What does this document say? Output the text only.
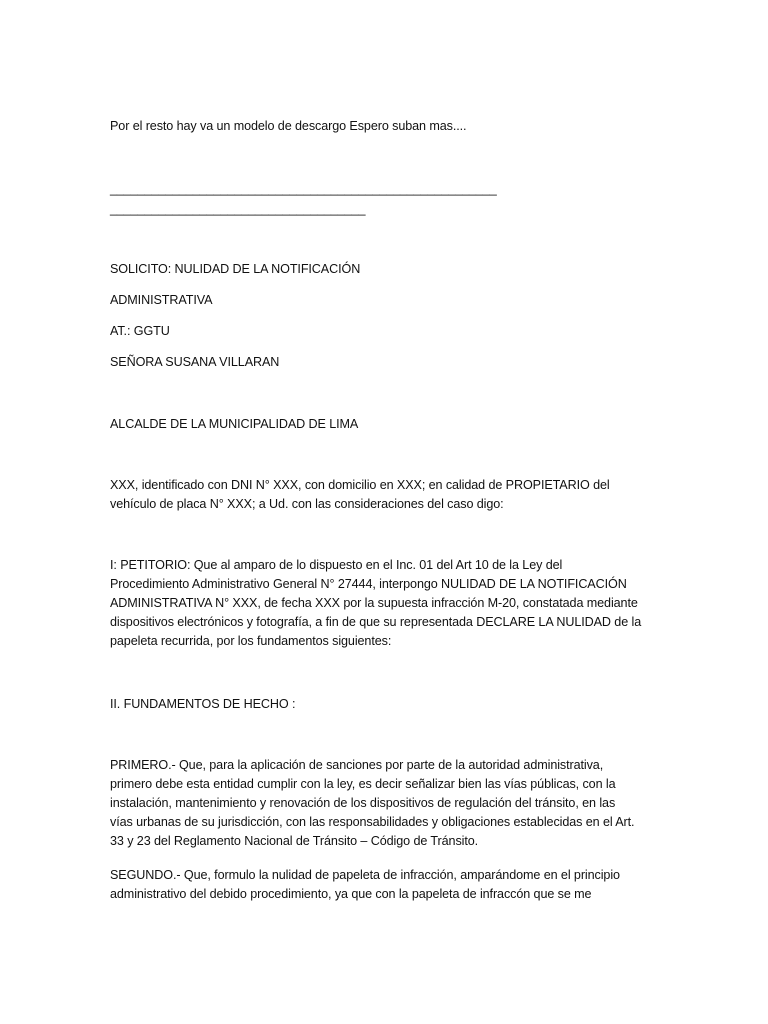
Por el resto hay va un modelo de descargo Espero suban mas....
________________________________________________________
_____________________________________
SOLICITO: NULIDAD DE LA NOTIFICACIÓN
ADMINISTRATIVA
AT.: GGTU
SEÑORA SUSANA VILLARAN
ALCALDE DE LA MUNICIPALIDAD DE LIMA
XXX, identificado con DNI N° XXX, con domicilio en XXX; en calidad de PROPIETARIO del
vehículo de placa N° XXX; a Ud. con las consideraciones del caso digo:
I: PETITORIO: Que al amparo de lo dispuesto en el Inc. 01 del Art 10 de la Ley del
Procedimiento Administrativo General N° 27444, interpongo NULIDAD DE LA NOTIFICACIÓN
ADMINISTRATIVA N° XXX, de fecha XXX por la supuesta infracción M-20, constatada mediante
dispositivos electrónicos y fotografía, a fin de que su representada DECLARE LA NULIDAD de la
papeleta recurrida, por los fundamentos siguientes:
II. FUNDAMENTOS DE HECHO :
PRIMERO.- Que, para la aplicación de sanciones por parte de la autoridad administrativa,
primero debe esta entidad cumplir con la ley, es decir señalizar bien las vías públicas, con la
instalación, mantenimiento y renovación de los dispositivos de regulación del tránsito, en las
vías urbanas de su jurisdicción, con las responsabilidades y obligaciones establecidas en el Art.
33 y 23 del Reglamento Nacional de Tránsito – Código de Tránsito.
SEGUNDO.- Que, formulo la nulidad de papeleta de infracción, amparándome en el principio
administrativo del debido procedimiento, ya que con la papeleta de infraccón que se me
